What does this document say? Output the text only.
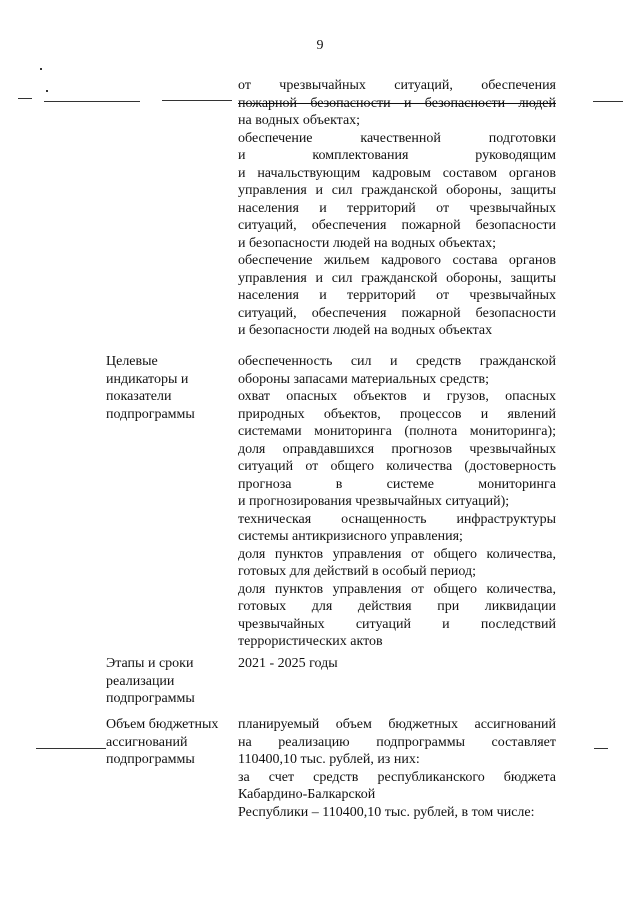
9

от чрезвычайных ситуаций, обеспечения

пожарной безопасности и безопасности людей

на водных объектах;

обеспечение качественной подготовки

и комплектования руководящим

и начальствующим кадровым составом органов

управления и сил гражданской обороны, защиты

населения и территорий от чрезвычайных

ситуаций, обеспечения пожарной безопасности

и безопасности людей на водных объектах;

обеспечение жильем кадрового состава органов

управления и сил гражданской обороны, защиты

населения и территорий от чрезвычайных

ситуаций, обеспечения пожарной безопасности

и безопасности людей на водных объектах

Целевые индикаторы и показатели подпрограммы

обеспеченность сил и средств гражданской

обороны запасами материальных средств;

охват опасных объектов и грузов, опасных

природных объектов, процессов и явлений

системами мониторинга (полнота мониторинга);

доля оправдавшихся прогнозов чрезвычайных

ситуаций от общего количества (достоверность

прогноза в системе мониторинга

и прогнозирования чрезвычайных ситуаций);

техническая оснащенность инфраструктуры

системы антикризисного управления;

доля пунктов управления от общего количества,

готовых для действий в особый период;

доля пунктов управления от общего количества,

готовых для действия при ликвидации

чрезвычайных ситуаций и последствий

террористических актов

Этапы и сроки реализации подпрограммы

2021 - 2025 годы

Объем бюджетных ассигнований подпрограммы

планируемый объем бюджетных ассигнований

на реализацию подпрограммы составляет

110400,10 тыс. рублей, из них:

за счет средств республиканского бюджета

Кабардино-Балкарской

Республики – 110400,10 тыс. рублей, в том числе:
